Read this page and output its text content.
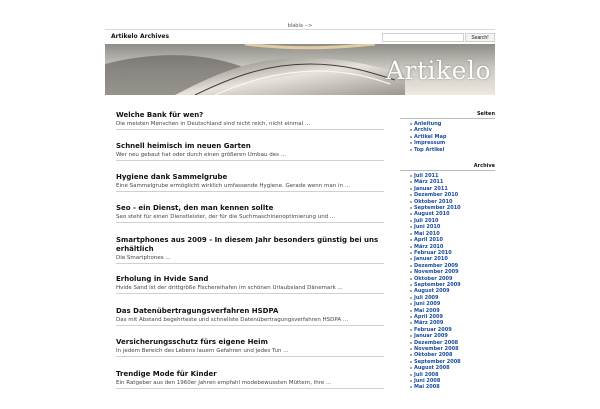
blabla -->
Artikelo Archives	Search!
Artikelo
Welche Bank für wen?

Die meisten Menschen in Deutschland sind nicht reich, nicht einmal ...

Schnell heimisch im neuen Garten

Wer neu gebaut hat oder durch einen größeren Umbau des ...

Hygiene dank Sammelgrube

Eine Sammelgrube ermöglicht wirklich umfassende Hygiene. Gerade wenn man in ...

Seo - ein Dienst, den man kennen sollte

Seo steht für einen Dienstleister, der für die Suchmaschinenoptimierung und ...

Smartphones aus 2009 - In diesem Jahr besonders günstig bei uns erhältlich

Die Smartphones ...

Erholung in Hvide Sand

Hvide Sand ist der drittgröße Fischereihafen im schönen Urlaubsland Dänemark ...

Das Datenübertragungsverfahren HSDPA

Das mit Abstand begehrteste und schnellste Datenübertragungsverfahren HSDPA ...

Versicherungsschutz fürs eigene Heim

In jedem Bereich des Lebens lauern Gefahren und jedes Tun ...

Trendige Mode für Kinder

Ein Ratgeber aus den 1960er Jahren empfahl modebewussten Müttern, ihre ...

Seiten
Anleitung
Archiv
Artikel Map
Impressum
Top Artikel
Archive
Juli 2011
März 2011
Januar 2011
Dezember 2010
Oktober 2010
September 2010
August 2010
Juli 2010
Juni 2010
Mai 2010
April 2010
März 2010
Februar 2010
Januar 2010
Dezember 2009
November 2009
Oktober 2009
September 2009
August 2009
Juli 2009
Juni 2009
Mai 2009
April 2009
März 2009
Februar 2009
Januar 2009
Dezember 2008
November 2008
Oktober 2008
September 2008
August 2008
Juli 2008
Juni 2008
Mai 2008
